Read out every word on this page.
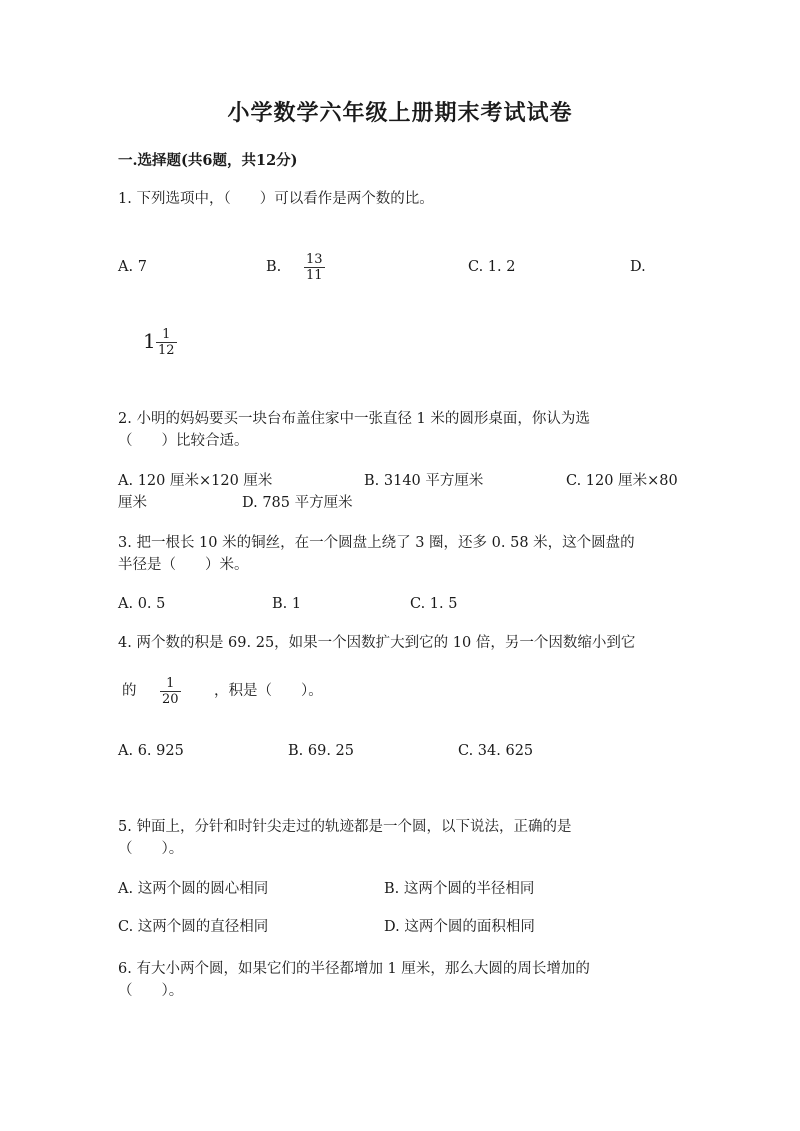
小学数学六年级上册期末考试试卷
一.选择题(共6题，共12分)
1. 下列选项中，（　　）可以看作是两个数的比。
A. 7	B. 13
11
C. 1. 2	D.
1 1
12
2. 小明的妈妈要买一块台布盖住家中一张直径 1 米的圆形桌面，你认为选
（　　）比较合适。
A. 120 厘米×120 厘米	B. 3140 平方厘米	C. 120 厘米×80
厘米	D. 785 平方厘米
3. 把一根长 10 米的铜丝，在一个圆盘上绕了 3 圈，还多 0. 58 米，这个圆盘的
半径是（　　）米。
A. 0. 5	B. 1	C. 1. 5
4. 两个数的积是 69. 25，如果一个因数扩大到它的 10 倍，另一个因数缩小到它
的 1
20
，积是（　　）。
A. 6. 925	B. 69. 25	C. 34. 625
5. 钟面上，分针和时针尖走过的轨迹都是一个圆，以下说法，正确的是
（　　）。
A. 这两个圆的圆心相同	B. 这两个圆的半径相同
C. 这两个圆的直径相同	D. 这两个圆的面积相同
6. 有大小两个圆，如果它们的半径都增加 1 厘米，那么大圆的周长增加的
（　　）。
